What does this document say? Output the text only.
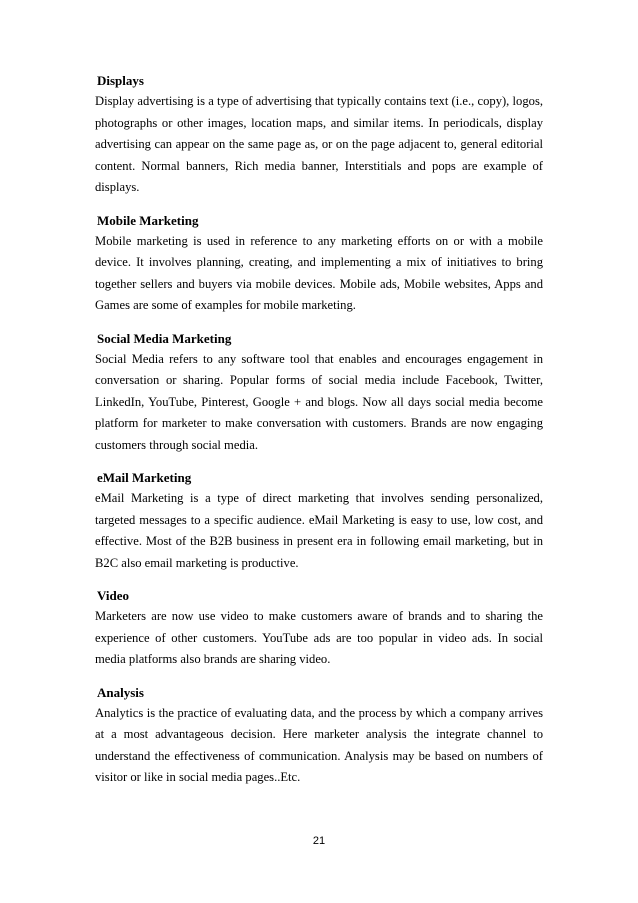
Displays

Display advertising is a type of advertising that typically contains text (i.e., copy), logos, photographs or other images, location maps, and similar items. In periodicals, display advertising can appear on the same page as, or on the page adjacent to, general editorial content. Normal banners, Rich media banner, Interstitials and pops are example of displays.

Mobile Marketing

Mobile marketing is used in reference to any marketing efforts on or with a mobile device. It involves planning, creating, and implementing a mix of initiatives to bring together sellers and buyers via mobile devices. Mobile ads, Mobile websites, Apps and Games are some of examples for mobile marketing.

Social Media Marketing

Social Media refers to any software tool that enables and encourages engagement in conversation or sharing. Popular forms of social media include Facebook, Twitter, LinkedIn, YouTube, Pinterest, Google + and blogs. Now all days social media become platform for marketer to make conversation with customers. Brands are now engaging customers through social media.

eMail Marketing

eMail Marketing is a type of direct marketing that involves sending personalized, targeted messages to a specific audience. eMail Marketing is easy to use, low cost, and effective. Most of the B2B business in present era in following email marketing, but in B2C also email marketing is productive.

Video

Marketers are now use video to make customers aware of brands and to sharing the experience of other customers. YouTube ads are too popular in video ads. In social media platforms also brands are sharing video.

Analysis

Analytics is the practice of evaluating data, and the process by which a company arrives at a most advantageous decision. Here marketer analysis the integrate channel to understand the effectiveness of communication. Analysis may be based on numbers of visitor or like in social media pages..Etc.

21
